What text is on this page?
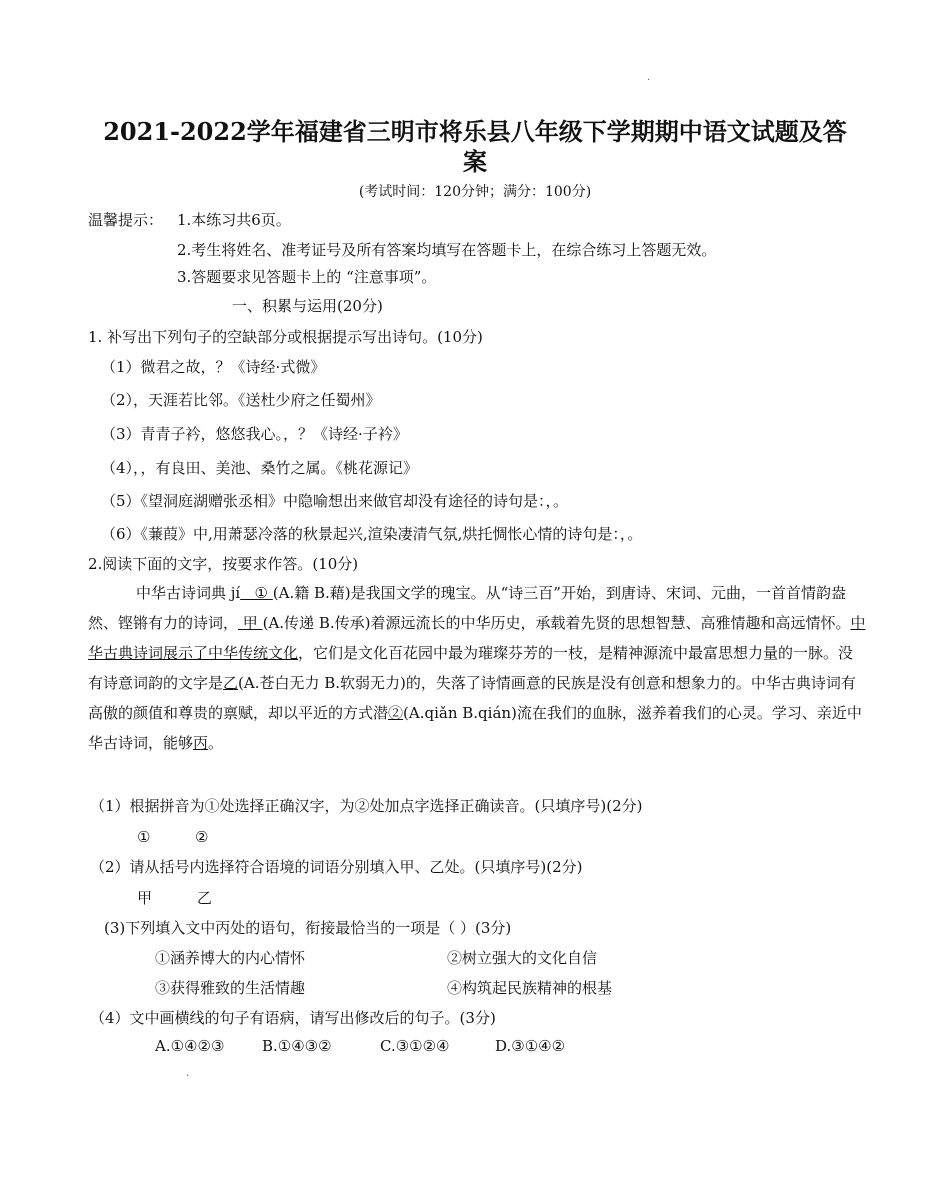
.
2021-2022学年福建省三明市将乐县八年级下学期期中语文试题及答
案
(考试时间：120分钟；满分：100分)
温馨提示： 1.本练习共6页。
2.考生将姓名、准考证号及所有答案均填写在答题卡上，在综合练习上答题无效。
3.答题要求见答题卡上的 “注意事项”。
一、积累与运用(20分)
1. 补写出下列句子的空缺部分或根据提示写出诗句。(10分)
（1）微君之故，？《诗经·式微》
（2），天涯若比邻。《送杜少府之任蜀州》
（3）青青子衿，悠悠我心。，？《诗经·子衿》
（4），，有良田、美池、桑竹之属。《桃花源记》
（5）《望洞庭湖赠张丞相》中隐喻想出来做官却没有途径的诗句是：，。
（6）《蒹葭》中,用萧瑟冷落的秋景起兴,渲染凄清气氛,烘托惆怅心情的诗句是：，。
2.阅读下面的文字，按要求作答。(10分)
中华古诗词典 jí ① (A.籍 B.藉)是我国文学的瑰宝。从“诗三百”开始，到唐诗、宋词、元曲，一首首情韵盎然、铿锵有力的诗词， 甲 (A.传递 B.传承)着源远流长的中华历史，承载着先贤的思想智慧、高雅情趣和高远情怀。中华古典诗词展示了中华传统文化，它们是文化百花园中最为璀璨芬芳的一枝，是精神源流中最富思想力量的一脉。没有诗意词韵的文字是乙(A.苍白无力 B.软弱无力)的，失落了诗情画意的民族是没有创意和想象力的。中华古典诗词有高傲的颜值和尊贵的禀赋，却以平近的方式潜②(A.qiǎn B.qián)流在我们的血脉，滋养着我们的心灵。学习、亲近中华古诗词，能够丙。
（1）根据拼音为①处选择正确汉字，为②处加点字选择正确读音。(只填序号)(2分)
①	②
（2）请从括号内选择符合语境的词语分别填入甲、乙处。(只填序号)(2分)
甲	乙
(3)下列填入文中丙处的语句，衔接最恰当的一项是（ ）(3分)
①涵养博大的内心情怀	②树立强大的文化自信
③获得雅致的生活情趣	④构筑起民族精神的根基
（4）文中画横线的句子有语病，请写出修改后的句子。(3分)
A.①④②③	B.①④③②	C.③①②④	D.③①④②
.
